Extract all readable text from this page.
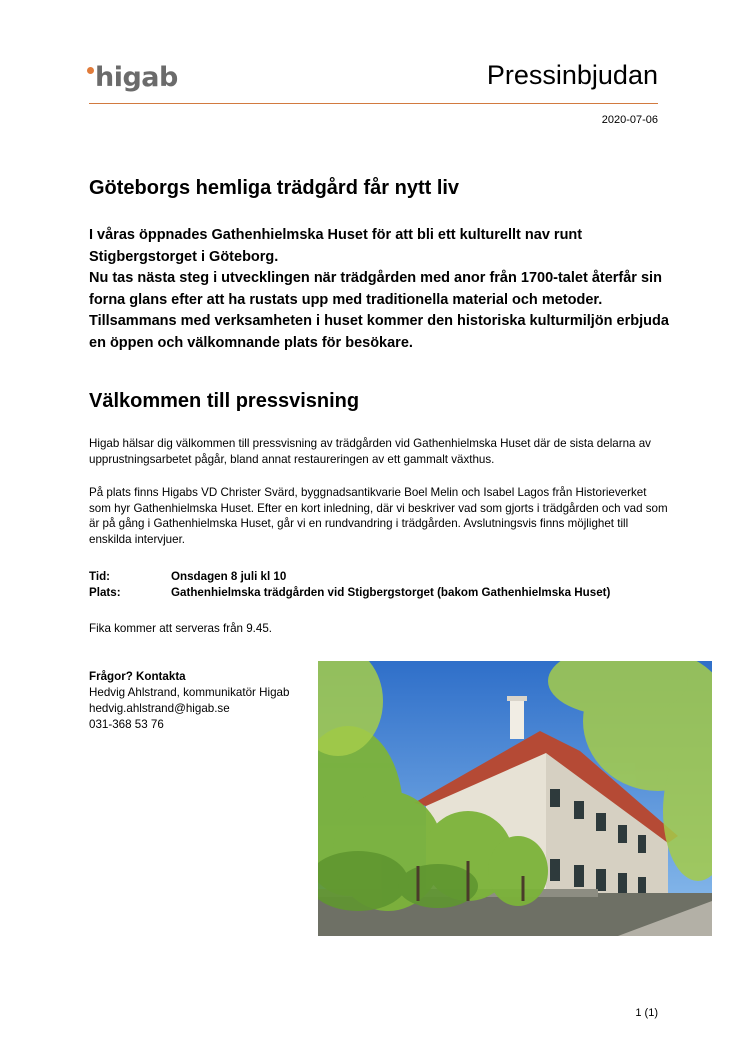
higab	Pressinbjudan
2020-07-06
Göteborgs hemliga trädgård får nytt liv

I våras öppnades Gathenhielmska Huset för att bli ett kulturellt nav runt Stigbergstorget i Göteborg.

Nu tas nästa steg i utvecklingen när trädgården med anor från 1700-talet återfår sin forna glans efter att ha rustats upp med traditionella material och metoder. Tillsammans med verksamheten i huset kommer den historiska kulturmiljön erbjuda en öppen och välkomnande plats för besökare.

Välkommen till pressvisning

Higab hälsar dig välkommen till pressvisning av trädgården vid Gathenhielmska Huset där de sista delarna av upprustningsarbetet pågår, bland annat restaureringen av ett gammalt växthus.

På plats finns Higabs VD Christer Svärd, byggnadsantikvarie Boel Melin och Isabel Lagos från Historieverket som hyr Gathenhielmska Huset. Efter en kort inledning, där vi beskriver vad som gjorts i trädgården och vad som är på gång i Gathenhielmska Huset, går vi en rundvandring i trädgården. Avslutningsvis finns möjlighet till enskilda intervjuer.

Tid:	Onsdagen 8 juli kl 10
Plats:	Gathenhielmska trädgården vid Stigbergstorget (bakom Gathenhielmska Huset)

Fika kommer att serveras från 9.45.

Frågor? Kontakta
Hedvig Ahlstrand, kommunikatör Higab
hedvig.ahlstrand@higab.se
031-368 53 76
1 (1)
